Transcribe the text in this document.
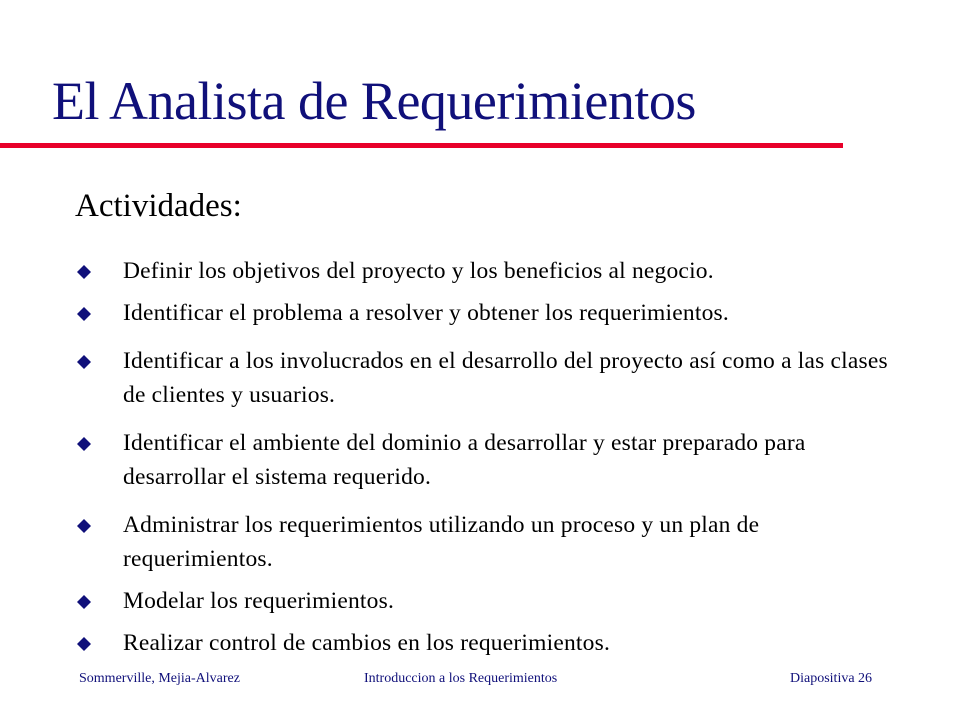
El Analista de Requerimientos
Actividades:
Definir los objetivos del proyecto y los beneficios al negocio.
Identificar el problema a resolver y obtener los requerimientos.
Identificar a los involucrados en el desarrollo del proyecto así como a las clases de clientes y usuarios.
Identificar el ambiente del dominio a desarrollar y estar preparado para desarrollar el sistema requerido.
Administrar los requerimientos utilizando un proceso y un plan de requerimientos.
Modelar los requerimientos.
Realizar control de cambios en los requerimientos.
Sommerville, Mejia-Alvarez	Introduccion a los Requerimientos	Diapositiva 26
